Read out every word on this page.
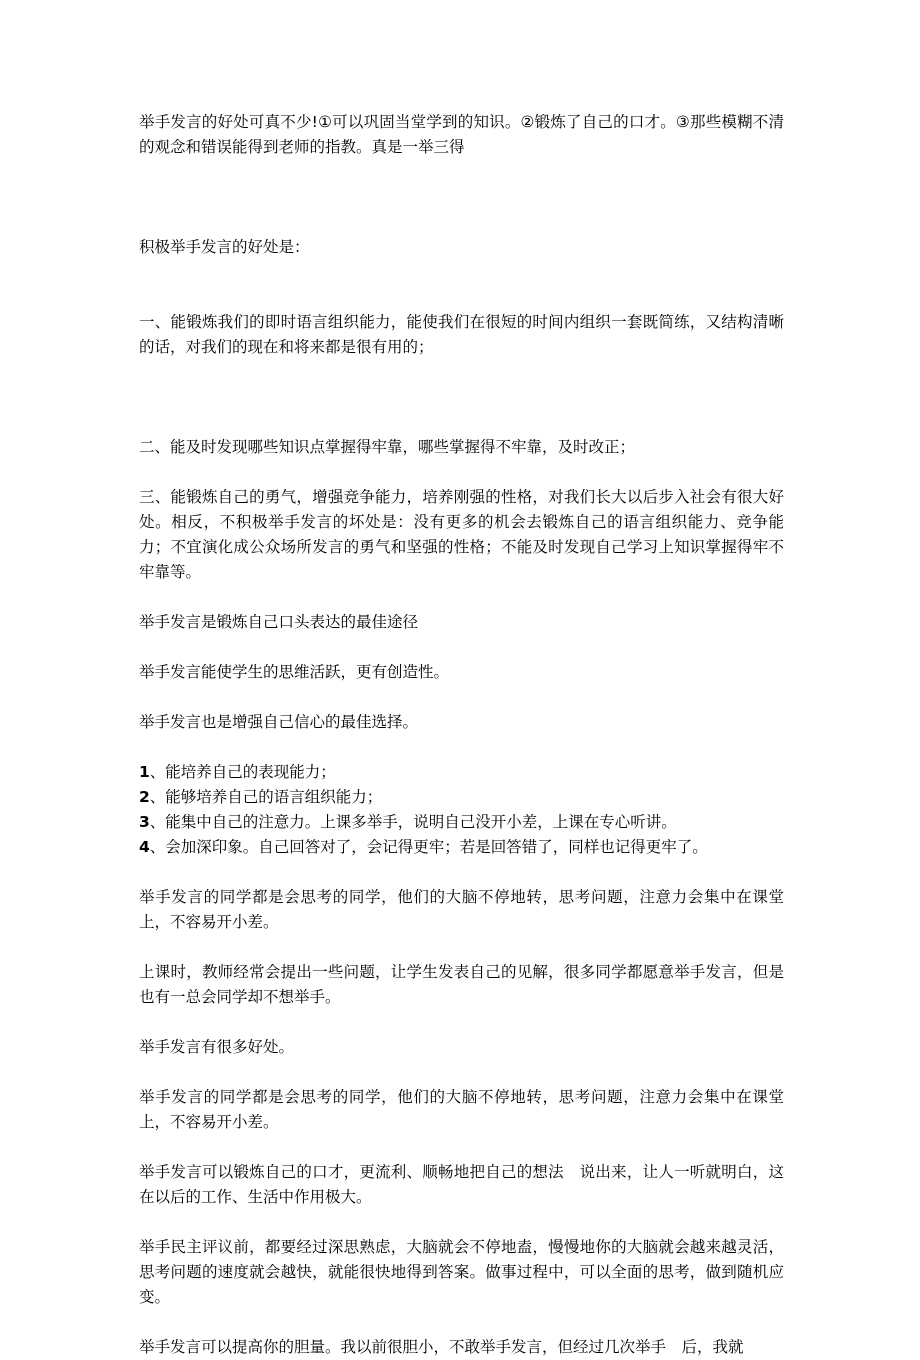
举手发言的好处可真不少!①可以巩固当堂学到的知识。②锻炼了自己的口才。③那些模糊不清的观念和错误能得到老师的指教。真是一举三得

积极举手发言的好处是：

一、能锻炼我们的即时语言组织能力，能使我们在很短的时间内组织一套既简练，又结构清晰的话，对我们的现在和将来都是很有用的；

二、能及时发现哪些知识点掌握得牢靠，哪些掌握得不牢靠，及时改正；

三、能锻炼自己的勇气，增强竞争能力，培养刚强的性格，对我们长大以后步入社会有很大好处。相反，不积极举手发言的坏处是：没有更多的机会去锻炼自己的语言组织能力、竞争能力；不宜演化成公众场所发言的勇气和坚强的性格；不能及时发现自己学习上知识掌握得牢不牢靠等。

举手发言是锻炼自己口头表达的最佳途径

举手发言能使学生的思维活跃，更有创造性。

举手发言也是增强自己信心的最佳选择。

1、能培养自己的表现能力；
2、能够培养自己的语言组织能力；
3、能集中自己的注意力。上课多举手，说明自己没开小差，上课在专心听讲。
4、会加深印象。自己回答对了，会记得更牢；若是回答错了，同样也记得更牢了。

举手发言的同学都是会思考的同学，他们的大脑不停地转，思考问题，注意力会集中在课堂上，不容易开小差。

上课时，教师经常会提出一些问题，让学生发表自己的见解，很多同学都愿意举手发言，但是也有一总会同学却不想举手。

举手发言有很多好处。

举手发言的同学都是会思考的同学，他们的大脑不停地转，思考问题，注意力会集中在课堂上，不容易开小差。

举手发言可以锻炼自己的口才，更流利、顺畅地把自己的想法　说出来，让人一听就明白，这在以后的工作、生活中作用极大。

举手民主评议前，都要经过深思熟虑，大脑就会不停地盍，慢慢地你的大脑就会越来越灵活，思考问题的速度就会越快，就能很快地得到答案。做事过程中，可以全面的思考，做到随机应变。

举手发言可以提高你的胆量。我以前很胆小，不敢举手发言，但经过几次举手　后，我就
